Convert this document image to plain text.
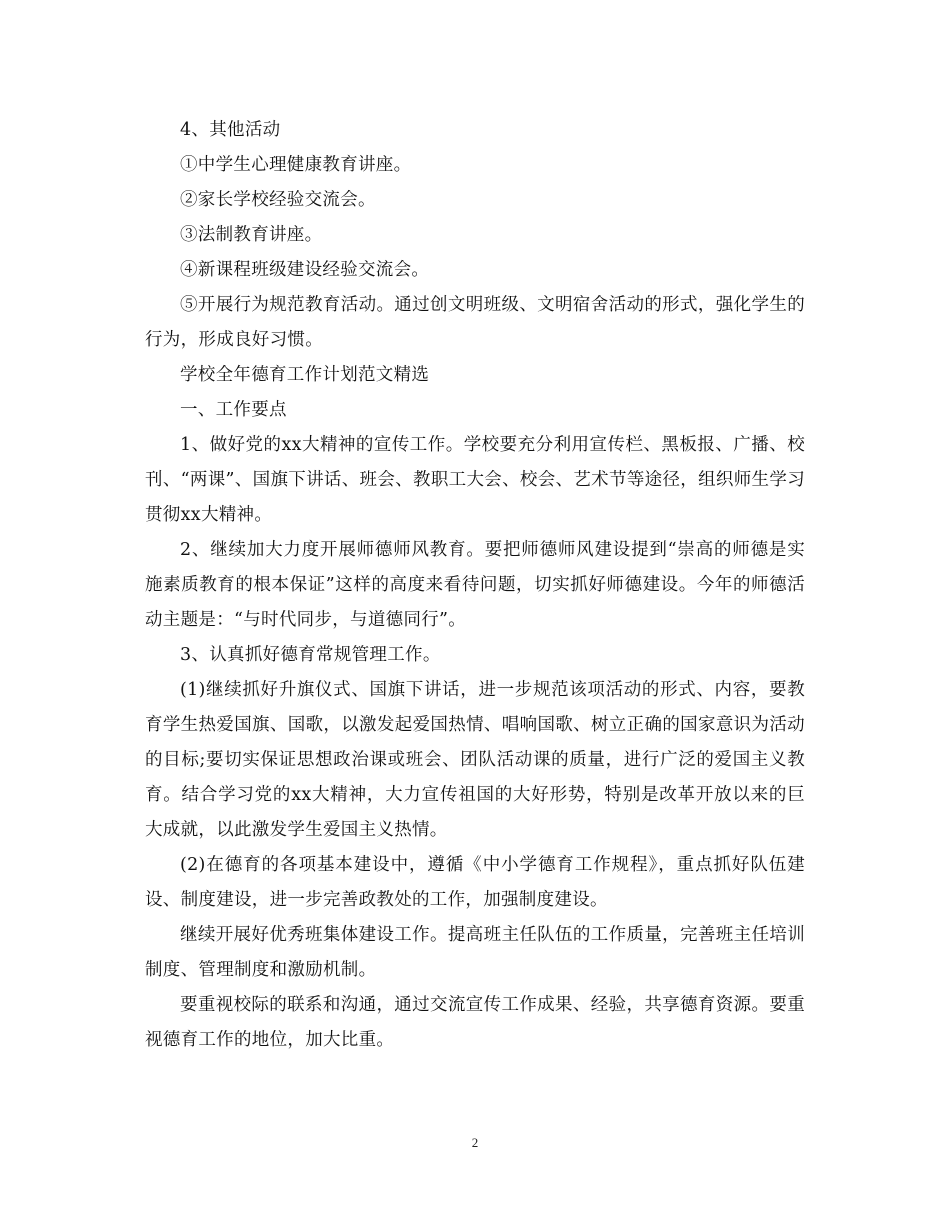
4、其他活动

①中学生心理健康教育讲座。

②家长学校经验交流会。

③法制教育讲座。

④新课程班级建设经验交流会。

⑤开展行为规范教育活动。通过创文明班级、文明宿舍活动的形式，强化学生的行为，形成良好习惯。

学校全年德育工作计划范文精选

一、工作要点

1、做好党的xx大精神的宣传工作。学校要充分利用宣传栏、黑板报、广播、校刊、“两课”、国旗下讲话、班会、教职工大会、校会、艺术节等途径，组织师生学习贯彻xx大精神。

2、继续加大力度开展师德师风教育。要把师德师风建设提到“崇高的师德是实施素质教育的根本保证”这样的高度来看待问题，切实抓好师德建设。今年的师德活动主题是：“与时代同步，与道德同行”。

3、认真抓好德育常规管理工作。

(1)继续抓好升旗仪式、国旗下讲话，进一步规范该项活动的形式、内容，要教育学生热爱国旗、国歌，以激发起爱国热情、唱响国歌、树立正确的国家意识为活动的目标;要切实保证思想政治课或班会、团队活动课的质量，进行广泛的爱国主义教育。结合学习党的xx大精神，大力宣传祖国的大好形势，特别是改革开放以来的巨大成就，以此激发学生爱国主义热情。

(2)在德育的各项基本建设中，遵循《中小学德育工作规程》，重点抓好队伍建设、制度建设，进一步完善政教处的工作，加强制度建设。

继续开展好优秀班集体建设工作。提高班主任队伍的工作质量，完善班主任培训制度、管理制度和激励机制。

要重视校际的联系和沟通，通过交流宣传工作成果、经验，共享德育资源。要重视德育工作的地位，加大比重。

2
